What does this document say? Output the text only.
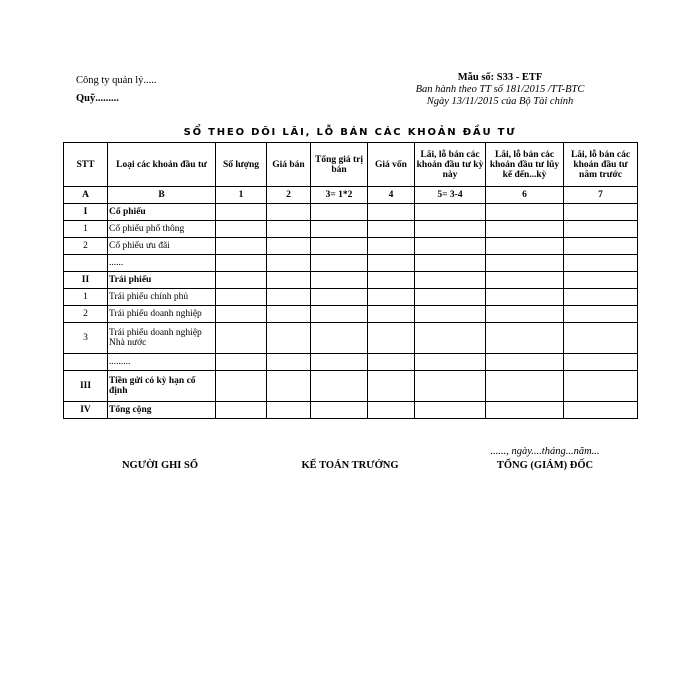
Công ty quản lý.....
Quỹ.........
Mẫu số: S33 - ETF
Ban hành theo TT số 181/2015 /TT-BTC
Ngày 13/11/2015 của Bộ Tài chính
SỔ THEO DÕI LÃI, LỖ BÁN CÁC KHOẢN ĐẦU TƯ
STT	Loại các khoản đầu tư	Số lượng	Giá bán	Tổng giá trị bán	Giá vốn	Lãi, lỗ bán các khoản đầu tư kỳ này	Lãi, lỗ bán các khoản đầu tư lũy kế đến...kỳ	Lãi, lỗ bán các khoản đầu tư năm trước
A	B	1	2	3= 1*2	4	5= 3-4	6	7
I	Cổ phiếu							
1	Cổ phiếu phổ thông							
2	Cổ phiếu ưu đãi							
	......							
II	Trái phiếu							
1	Trái phiếu chính phủ							
2	Trái phiếu doanh nghiệp							
3	Trái phiếu doanh nghiệp Nhà nước							
	.........							
III	Tiền gửi có kỳ hạn cố định							
IV	Tổng cộng							
......, ngày....tháng...năm...
NGƯỜI GHI SỔ	KẾ TOÁN TRƯỞNG	TỔNG (GIÁM) ĐỐC
